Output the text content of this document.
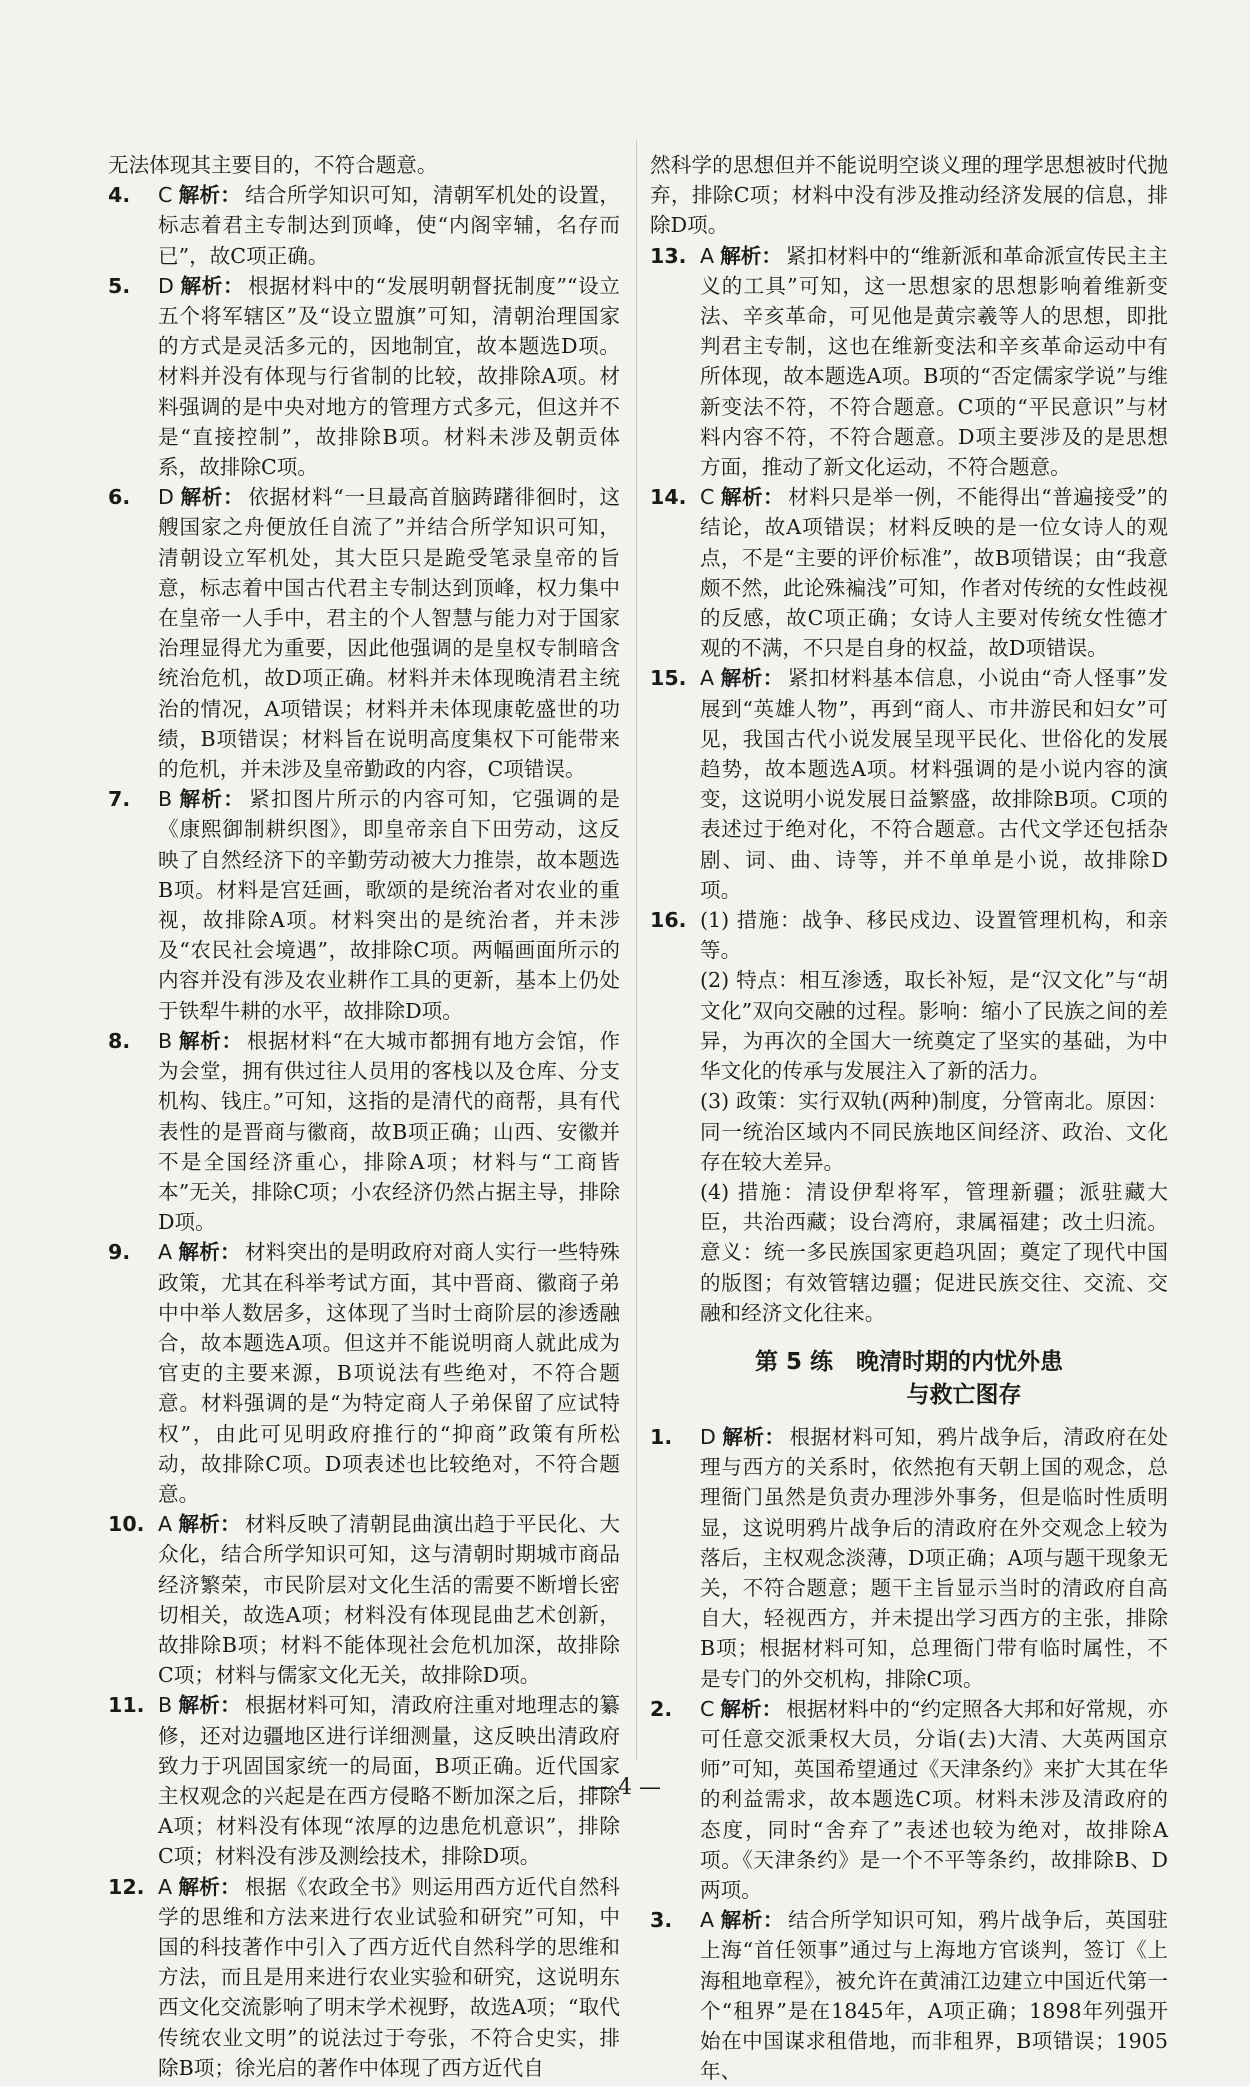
无法体现其主要目的，不符合题意。

4. C 解析： 结合所学知识可知，清朝军机处的设置，标志着君主专制达到顶峰，使“内阁宰辅，名存而已”，故C项正确。

5. D 解析： 根据材料中的“发展明朝督抚制度”“设立五个将军辖区”及“设立盟旗”可知，清朝治理国家的方式是灵活多元的，因地制宜，故本题选D项。材料并没有体现与行省制的比较，故排除A项。材料强调的是中央对地方的管理方式多元，但这并不是“直接控制”，故排除B项。材料未涉及朝贡体系，故排除C项。

6. D 解析： 依据材料“一旦最高首脑踌躇徘徊时，这艘国家之舟便放任自流了”并结合所学知识可知，清朝设立军机处，其大臣只是跪受笔录皇帝的旨意，标志着中国古代君主专制达到顶峰，权力集中在皇帝一人手中，君主的个人智慧与能力对于国家治理显得尤为重要，因此他强调的是皇权专制暗含统治危机，故D项正确。材料并未体现晚清君主统治的情况，A项错误；材料并未体现康乾盛世的功绩，B项错误；材料旨在说明高度集权下可能带来的危机，并未涉及皇帝勤政的内容，C项错误。

7. B 解析： 紧扣图片所示的内容可知，它强调的是《康熙御制耕织图》，即皇帝亲自下田劳动，这反映了自然经济下的辛勤劳动被大力推崇，故本题选B项。材料是宫廷画，歌颂的是统治者对农业的重视，故排除A项。材料突出的是统治者，并未涉及“农民社会境遇”，故排除C项。两幅画面所示的内容并没有涉及农业耕作工具的更新，基本上仍处于铁犁牛耕的水平，故排除D项。

8. B 解析： 根据材料“在大城市都拥有地方会馆，作为会堂，拥有供过往人员用的客栈以及仓库、分支机构、钱庄。”可知，这指的是清代的商帮，具有代表性的是晋商与徽商，故B项正确；山西、安徽并不是全国经济重心，排除A项；材料与“工商皆本”无关，排除C项；小农经济仍然占据主导，排除D项。

9. A 解析： 材料突出的是明政府对商人实行一些特殊政策，尤其在科举考试方面，其中晋商、徽商子弟中中举人数居多，这体现了当时士商阶层的渗透融合，故本题选A项。但这并不能说明商人就此成为官吏的主要来源，B项说法有些绝对，不符合题意。材料强调的是“为特定商人子弟保留了应试特权”，由此可见明政府推行的“抑商”政策有所松动，故排除C项。D项表述也比较绝对，不符合题意。

10. A 解析： 材料反映了清朝昆曲演出趋于平民化、大众化，结合所学知识可知，这与清朝时期城市商品经济繁荣，市民阶层对文化生活的需要不断增长密切相关，故选A项；材料没有体现昆曲艺术创新，故排除B项；材料不能体现社会危机加深，故排除C项；材料与儒家文化无关，故排除D项。

11. B 解析： 根据材料可知，清政府注重对地理志的纂修，还对边疆地区进行详细测量，这反映出清政府致力于巩固国家统一的局面，B项正确。近代国家主权观念的兴起是在西方侵略不断加深之后，排除A项；材料没有体现“浓厚的边患危机意识”，排除C项；材料没有涉及测绘技术，排除D项。

12. A 解析： 根据《农政全书》则运用西方近代自然科学的思维和方法来进行农业试验和研究”可知，中国的科技著作中引入了西方近代自然科学的思维和方法，而且是用来进行农业实验和研究，这说明东西文化交流影响了明末学术视野，故选A项；“取代传统农业文明”的说法过于夸张，不符合史实，排除B项；徐光启的著作中体现了西方近代自

然科学的思想但并不能说明空谈义理的理学思想被时代抛弃，排除C项；材料中没有涉及推动经济发展的信息，排除D项。

13. A 解析： 紧扣材料中的“维新派和革命派宣传民主主义的工具”可知，这一思想家的思想影响着维新变法、辛亥革命，可见他是黄宗羲等人的思想，即批判君主专制，这也在维新变法和辛亥革命运动中有所体现，故本题选A项。B项的“否定儒家学说”与维新变法不符，不符合题意。C项的“平民意识”与材料内容不符，不符合题意。D项主要涉及的是思想方面，推动了新文化运动，不符合题意。

14. C 解析： 材料只是举一例，不能得出“普遍接受”的结论，故A项错误；材料反映的是一位女诗人的观点，不是“主要的评价标准”，故B项错误；由“我意颇不然，此论殊褊浅”可知，作者对传统的女性歧视的反感，故C项正确；女诗人主要对传统女性德才观的不满，不只是自身的权益，故D项错误。

15. A 解析： 紧扣材料基本信息，小说由“奇人怪事”发展到“英雄人物”，再到“商人、市井游民和妇女”可见，我国古代小说发展呈现平民化、世俗化的发展趋势，故本题选A项。材料强调的是小说内容的演变，这说明小说发展日益繁盛，故排除B项。C项的表述过于绝对化，不符合题意。古代文学还包括杂剧、词、曲、诗等，并不单单是小说，故排除D项。

16. (1) 措施：战争、移民戍边、设置管理机构，和亲等。

(2) 特点：相互渗透，取长补短，是“汉文化”与“胡文化”双向交融的过程。影响：缩小了民族之间的差异，为再次的全国大一统奠定了坚实的基础，为中华文化的传承与发展注入了新的活力。

(3) 政策：实行双轨(两种)制度，分管南北。原因：同一统治区域内不同民族地区间经济、政治、文化存在较大差异。

(4) 措施：清设伊犁将军，管理新疆；派驻藏大臣，共治西藏；设台湾府，隶属福建；改土归流。意义：统一多民族国家更趋巩固；奠定了现代中国的版图；有效管辖边疆；促进民族交往、交流、交融和经济文化往来。

第 5 练　晚清时期的内忧外患
与救亡图存

1. D 解析： 根据材料可知，鸦片战争后，清政府在处理与西方的关系时，依然抱有天朝上国的观念，总理衙门虽然是负责办理涉外事务，但是临时性质明显，这说明鸦片战争后的清政府在外交观念上较为落后，主权观念淡薄，D项正确；A项与题干现象无关，不符合题意；题干主旨显示当时的清政府自高自大，轻视西方，并未提出学习西方的主张，排除B项；根据材料可知，总理衙门带有临时属性，不是专门的外交机构，排除C项。

2. C 解析： 根据材料中的“约定照各大邦和好常规，亦可任意交派秉权大员，分诣(去)大清、大英两国京师”可知，英国希望通过《天津条约》来扩大其在华的利益需求，故本题选C项。材料未涉及清政府的态度，同时“舍弃了”表述也较为绝对，故排除A项。《天津条约》是一个不平等条约，故排除B、D两项。

3. A 解析： 结合所学知识可知，鸦片战争后，英国驻上海“首任领事”通过与上海地方官谈判，签订《上海租地章程》，被允许在黄浦江边建立中国近代第一个“租界”是在1845年，A项正确；1898年列强开始在中国谋求租借地，而非租界，B项错误；1905年、

— 4 —
